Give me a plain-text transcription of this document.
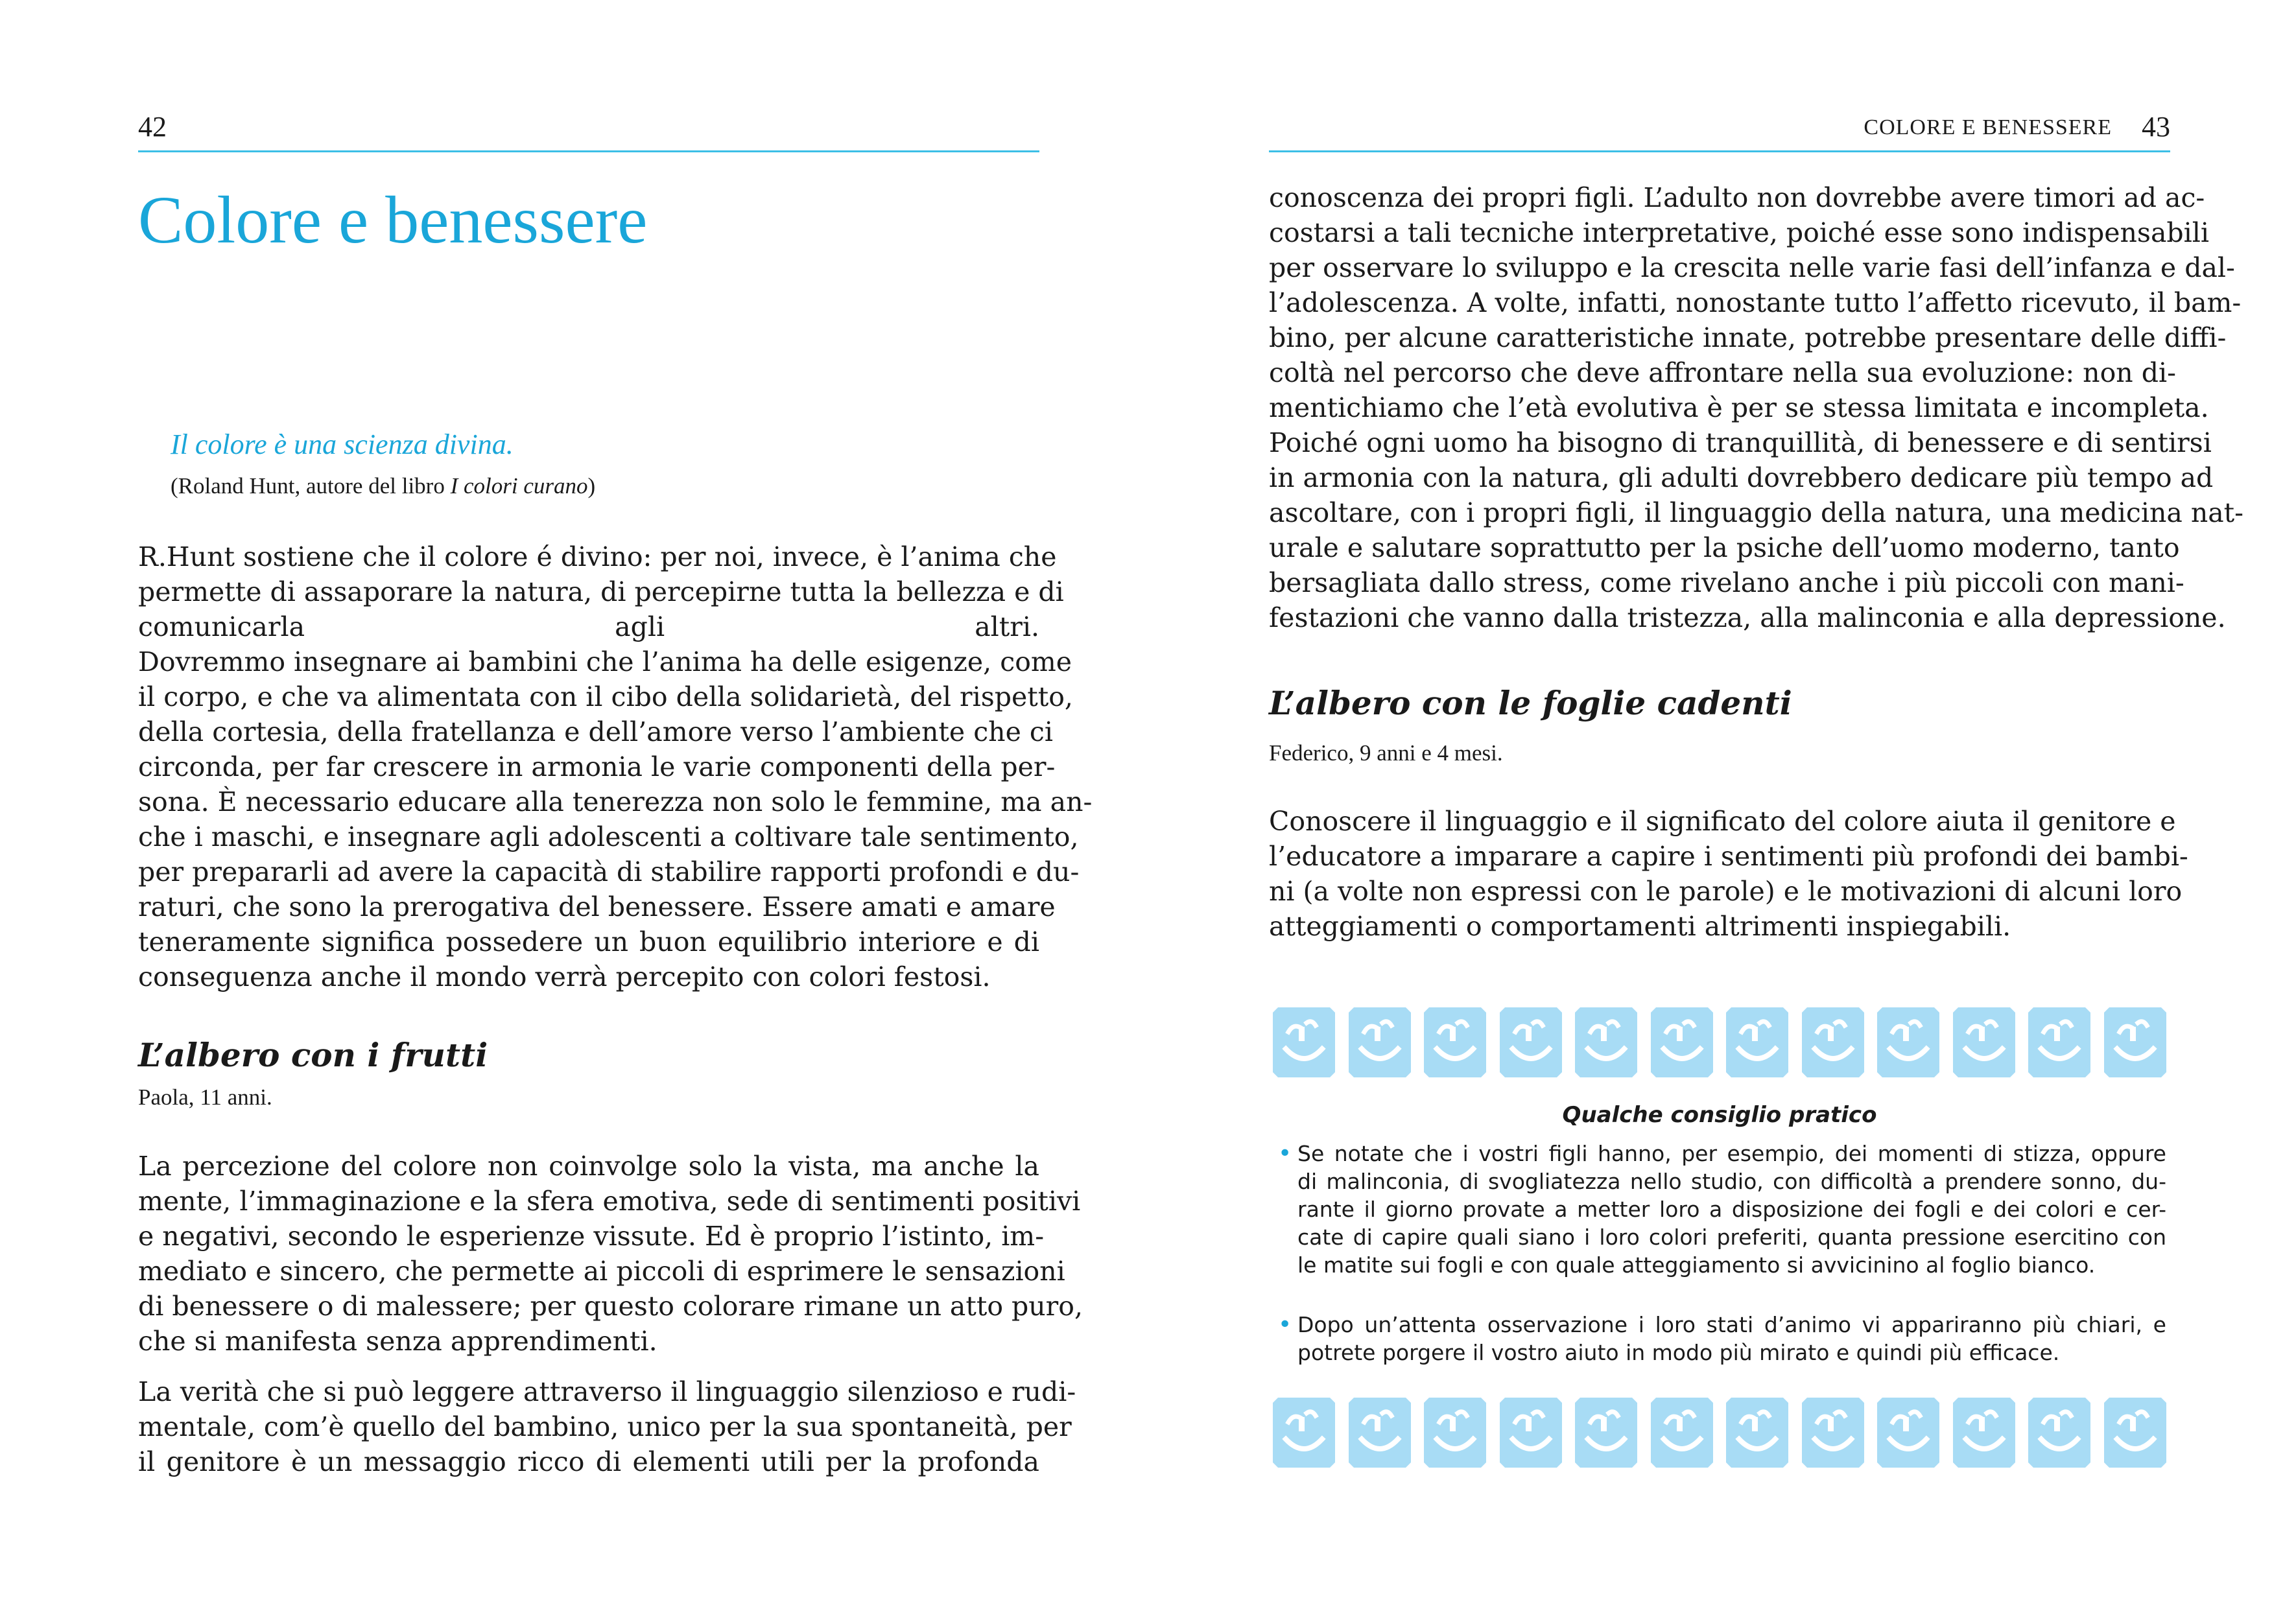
42
Colore e benessere
Il colore è una scienza divina.
(Roland Hunt, autore del libro I colori curano)
R.Hunt sostiene che il colore é divino: per noi, invece, è l’anima che
permette di assaporare la natura, di percepirne tutta la bellezza e di
comunicarla agli altri.
Dovremmo insegnare ai bambini che l’anima ha delle esigenze, come
il corpo, e che va alimentata con il cibo della solidarietà, del rispetto,
della cortesia, della fratellanza e dell’amore verso l’ambiente che ci
circonda, per far crescere in armonia le varie componenti della per-
sona. È necessario educare alla tenerezza non solo le femmine, ma an-
che i maschi, e insegnare agli adolescenti a coltivare tale sentimento,
per prepararli ad avere la capacità di stabilire rapporti profondi e du-
raturi, che sono la prerogativa del benessere. Essere amati e amare
teneramente significa possedere un buon equilibrio interiore e di
conseguenza anche il mondo verrà percepito con colori festosi.
L’albero con i frutti
Paola, 11 anni.
La percezione del colore non coinvolge solo la vista, ma anche la
mente, l’immaginazione e la sfera emotiva, sede di sentimenti positivi
e negativi, secondo le esperienze vissute. Ed è proprio l’istinto, im-
mediato e sincero, che permette ai piccoli di esprimere le sensazioni
di benessere o di malessere; per questo colorare rimane un atto puro,
che si manifesta senza apprendimenti.
La verità che si può leggere attraverso il linguaggio silenzioso e rudi-
mentale, com’è quello del bambino, unico per la sua spontaneità, per
il genitore è un messaggio ricco di elementi utili per la profonda
COLORE E BENESSERE 43
conoscenza dei propri figli. L’adulto non dovrebbe avere timori ad ac-
costarsi a tali tecniche interpretative, poiché esse sono indispensabili
per osservare lo sviluppo e la crescita nelle varie fasi dell’infanza e dal-
l’adolescenza. A volte, infatti, nonostante tutto l’affetto ricevuto, il bam-
bino, per alcune caratteristiche innate, potrebbe presentare delle diffi-
coltà nel percorso che deve affrontare nella sua evoluzione: non di-
mentichiamo che l’età evolutiva è per se stessa limitata e incompleta.
Poiché ogni uomo ha bisogno di tranquillità, di benessere e di sentirsi
in armonia con la natura, gli adulti dovrebbero dedicare più tempo ad
ascoltare, con i propri figli, il linguaggio della natura, una medicina nat-
urale e salutare soprattutto per la psiche dell’uomo moderno, tanto
bersagliata dallo stress, come rivelano anche i più piccoli con mani-
festazioni che vanno dalla tristezza, alla malinconia e alla depressione.
L’albero con le foglie cadenti
Federico, 9 anni e 4 mesi.
Conoscere il linguaggio e il significato del colore aiuta il genitore e
l’educatore a imparare a capire i sentimenti più profondi dei bambi-
ni (a volte non espressi con le parole) e le motivazioni di alcuni loro
atteggiamenti o comportamenti altrimenti inspiegabili.
Qualche consiglio pratico
• Se notate che i vostri figli hanno, per esempio, dei momenti di stizza, oppure
di malinconia, di svogliatezza nello studio, con difficoltà a prendere sonno, du-
rante il giorno provate a metter loro a disposizione dei fogli e dei colori e cer-
cate di capire quali siano i loro colori preferiti, quanta pressione esercitino con
le matite sui fogli e con quale atteggiamento si avvicinino al foglio bianco.
• Dopo un’attenta osservazione i loro stati d’animo vi appariranno più chiari, e
potrete porgere il vostro aiuto in modo più mirato e quindi più efficace.
